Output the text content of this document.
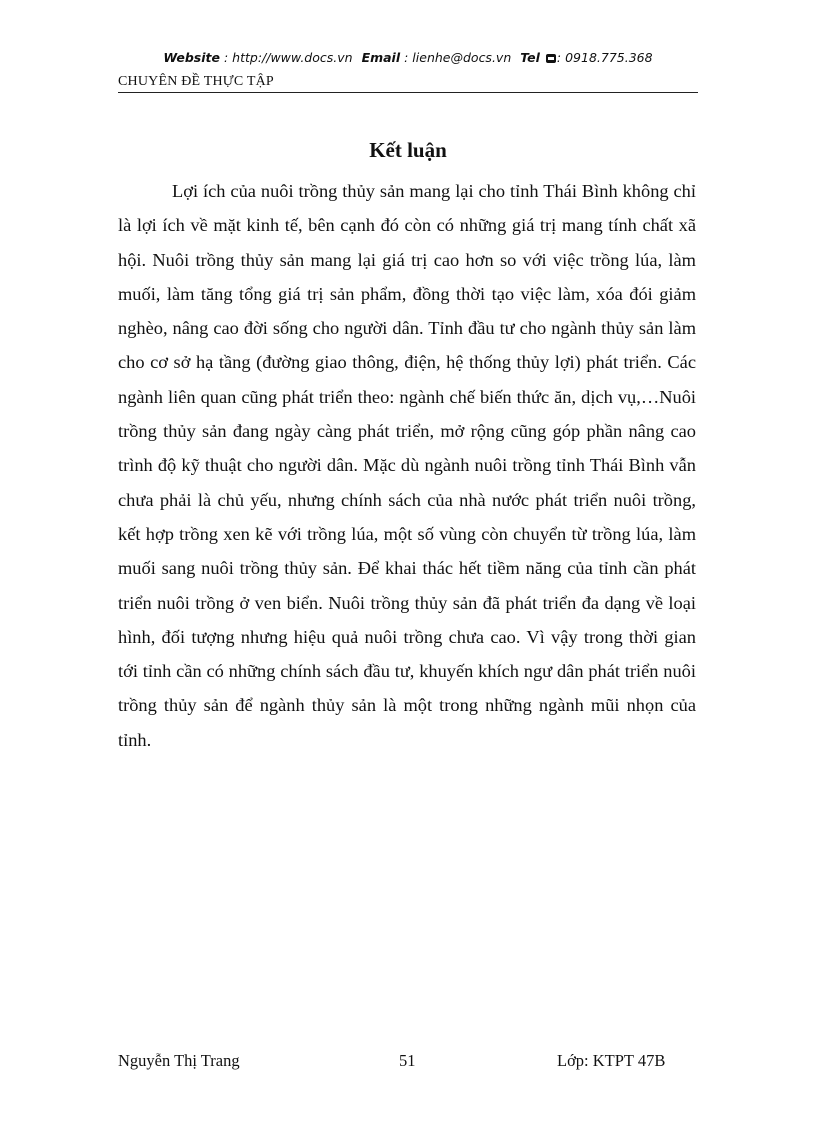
Website : http://www.docs.vn Email : lienhe@docs.vn Tel : 0918.775.368
CHUYÊN ĐỀ THỰC TẬP
Kết luận

Lợi ích của nuôi trồng thủy sản mang lại cho tỉnh Thái Bình không chỉ là lợi ích về mặt kinh tế, bên cạnh đó còn có những giá trị mang tính chất xã hội. Nuôi trồng thủy sản mang lại giá trị cao hơn so với việc trồng lúa, làm muối, làm tăng tổng giá trị sản phẩm, đồng thời tạo việc làm, xóa đói giảm nghèo, nâng cao đời sống cho người dân. Tỉnh đầu tư cho ngành thủy sản làm cho cơ sở hạ tầng (đường giao thông, điện, hệ thống thủy lợi) phát triển. Các ngành liên quan cũng phát triển theo: ngành chế biến thức ăn, dịch vụ,…Nuôi trồng thủy sản đang ngày càng phát triển, mở rộng cũng góp phần nâng cao trình độ kỹ thuật cho người dân. Mặc dù ngành nuôi trồng tỉnh Thái Bình vẫn chưa phải là chủ yếu, nhưng chính sách của nhà nước phát triển nuôi trồng, kết hợp trồng xen kẽ với trồng lúa, một số vùng còn chuyển từ trồng lúa, làm muối sang nuôi trồng thủy sản. Để khai thác hết tiềm năng của tỉnh cần phát triển nuôi trồng ở ven biển. Nuôi trồng thủy sản đã phát triển đa dạng về loại hình, đối tượng nhưng hiệu quả nuôi trồng chưa cao. Vì vậy trong thời gian tới tỉnh cần có những chính sách đầu tư, khuyến khích ngư dân phát triển nuôi trồng thủy sản để ngành thủy sản là một trong những ngành mũi nhọn của tỉnh.

Nguyễn Thị Trang	51	Lớp: KTPT 47B
